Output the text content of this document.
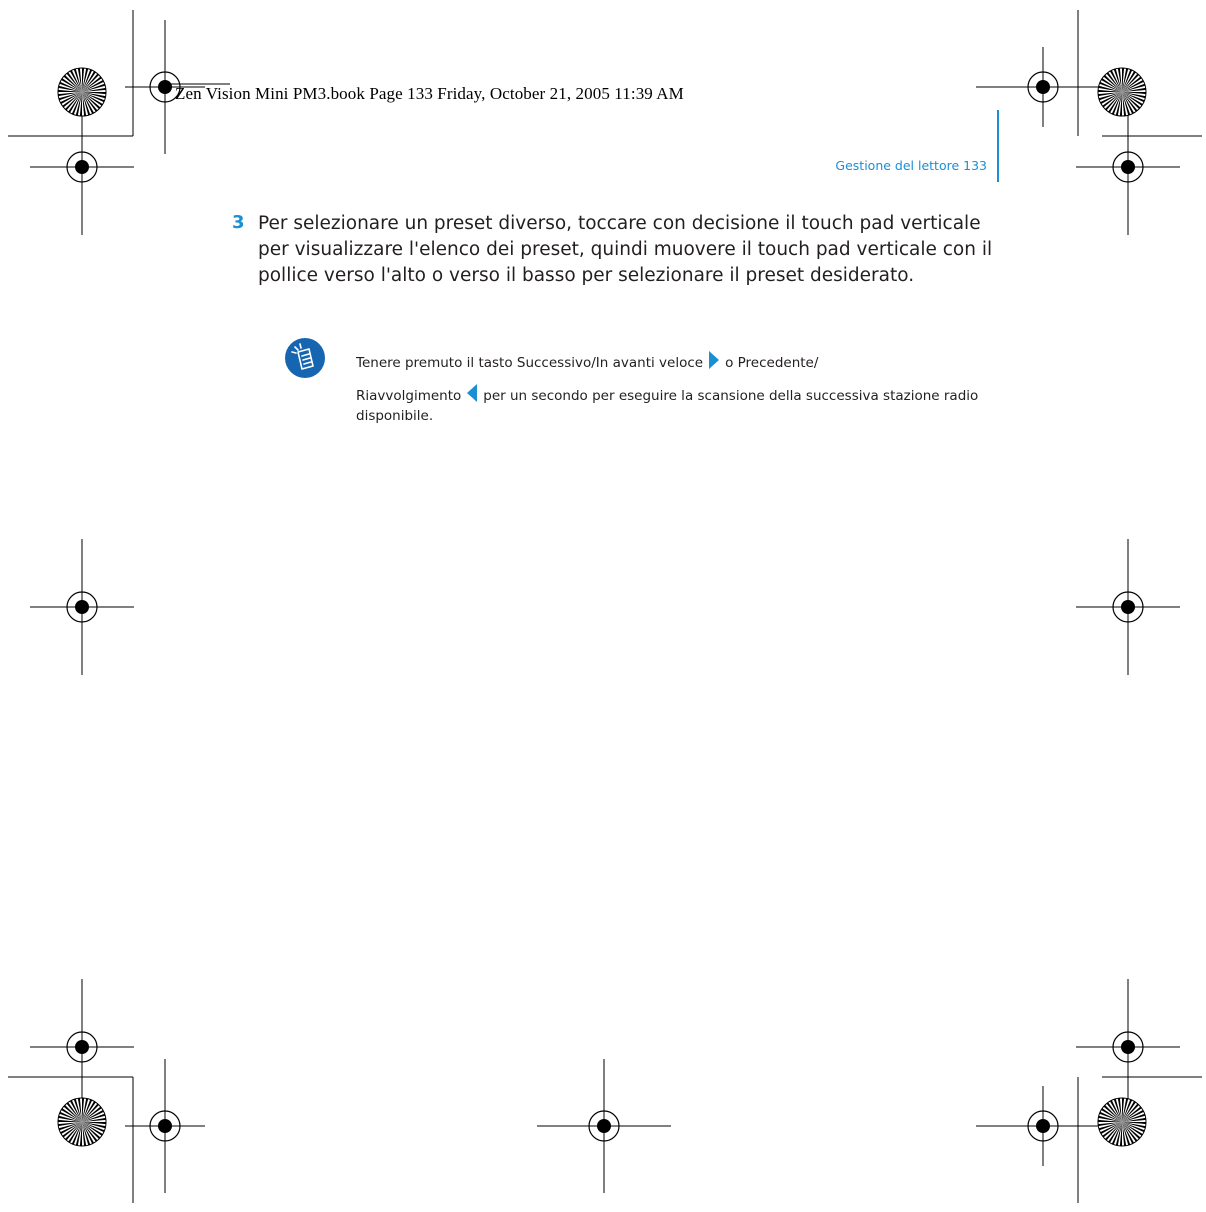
Zen Vision Mini PM3.book Page 133 Friday, October 21, 2005 11:39 AM
Gestione del lettore 133
3 Per selezionare un preset diverso, toccare con decisione il touch pad verticale per visualizzare l'elenco dei preset, quindi muovere il touch pad verticale con il pollice verso l'alto o verso il basso per selezionare il preset desiderato.

Tenere premuto il tasto Successivo/In avanti veloce o Precedente/
Riavvolgimento per un secondo per eseguire la scansione della successiva stazione radio disponibile.
